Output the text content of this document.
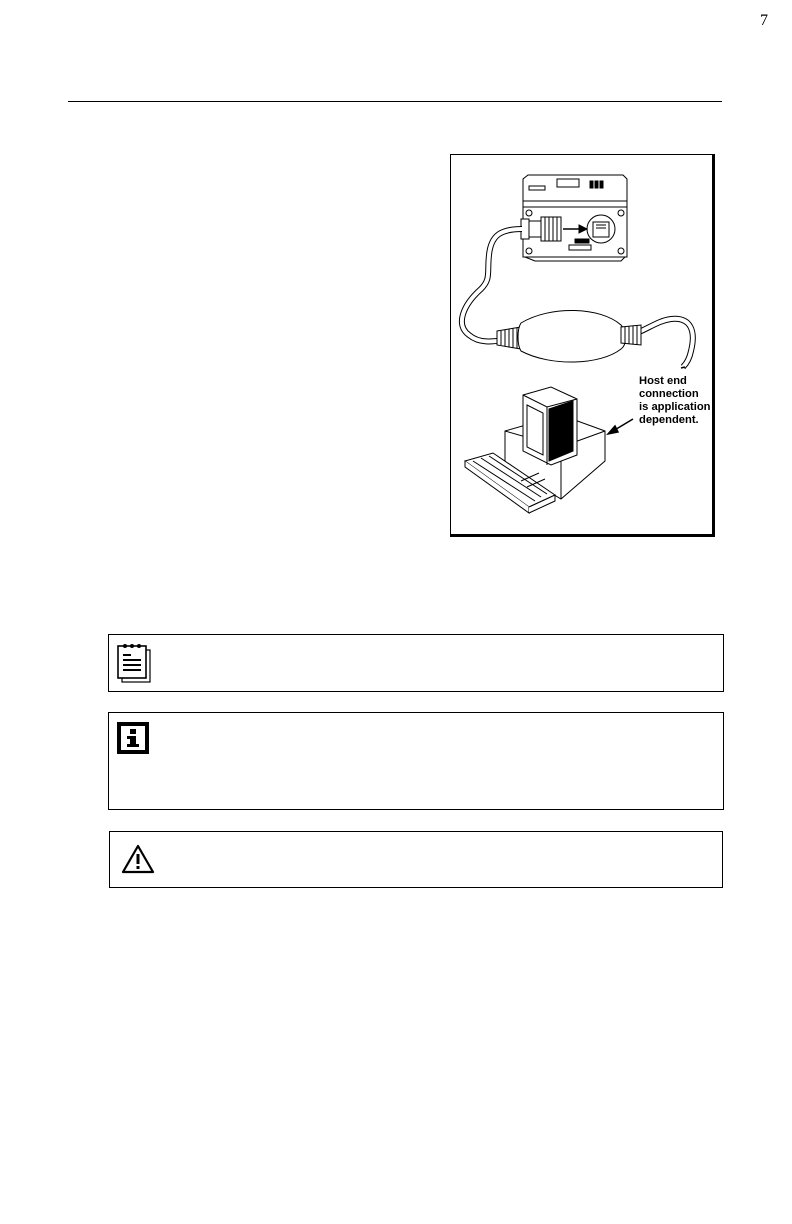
7
Host end
connection
is application
dependent.
